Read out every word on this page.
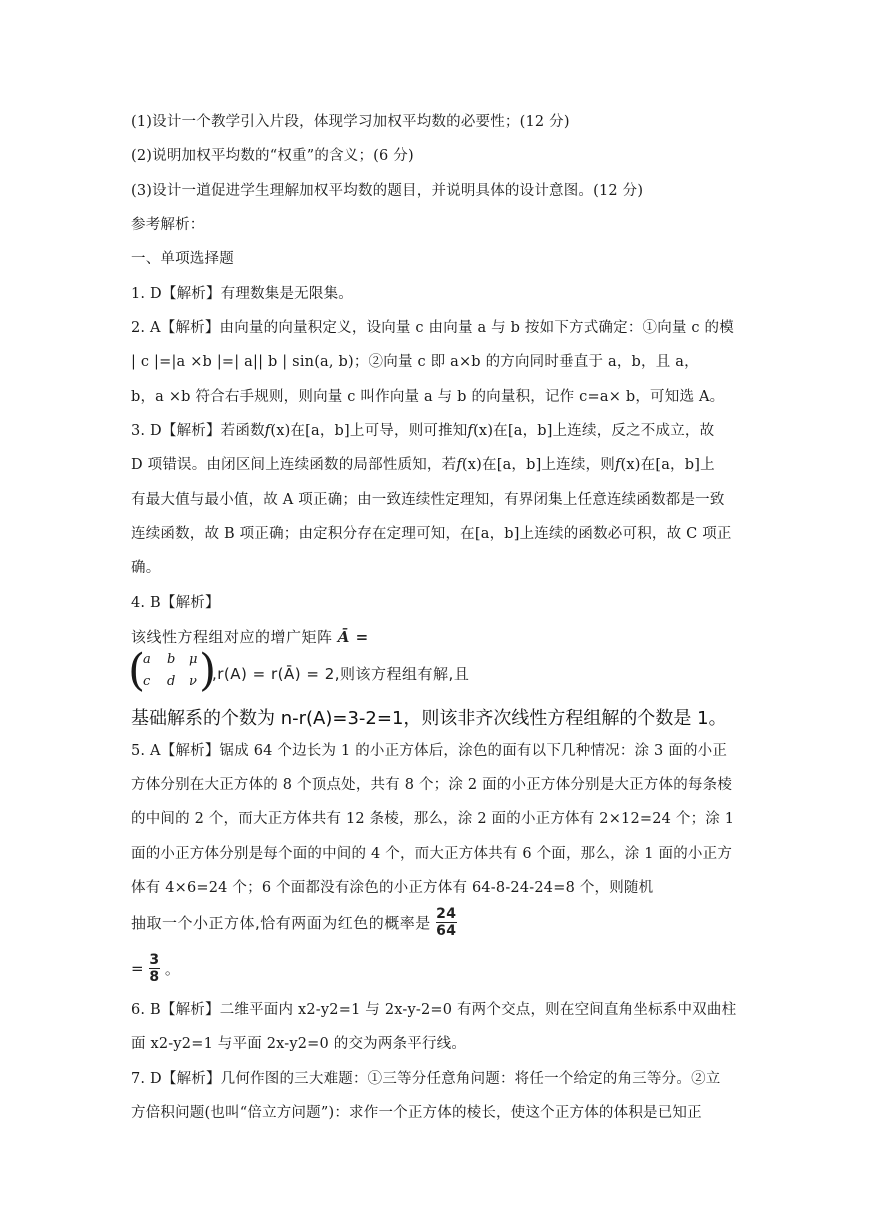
(1)设计一个教学引入片段，体现学习加权平均数的必要性；(12 分)
(2)说明加权平均数的“权重”的含义；(6 分)
(3)设计一道促进学生理解加权平均数的题目，并说明具体的设计意图。(12 分)
参考解析：
一、单项选择题
1. D【解析】有理数集是无限集。
2. A【解析】由向量的向量积定义，设向量 c 由向量 a 与 b 按如下方式确定：①向量 c 的模
| c |=|a ×b |=| a|| b | sin(a, b)；②向量 c 即 a×b 的方向同时垂直于 a，b，且 a，
b，a ×b 符合右手规则，则向量 c 叫作向量 a 与 b 的向量积，记作 c=a× b，可知选 A。
3. D【解析】若函数f(x)在[a，b]上可导，则可推知f(x)在[a，b]上连续，反之不成立，故
D 项错误。由闭区间上连续函数的局部性质知，若f(x)在[a，b]上连续，则f(x)在[a，b]上
有最大值与最小值，故 A 项正确；由一致连续性定理知，有界闭集上任意连续函数都是一致
连续函数，故 B 项正确；由定积分存在定理可知，在[a，b]上连续的函数必可积，故 C 项正
确。
4. B【解析】
该线性方程组对应的增广矩阵 Ā =
(
a b μ
c d ν )
,r(A) = r(Ā) = 2,则该方程组有解,且
基础解系的个数为 n-r(A)=3-2=1，则该非齐次线性方程组解的个数是 1。
5. A【解析】锯成 64 个边长为 1 的小正方体后，涂色的面有以下几种情况：涂 3 面的小正
方体分别在大正方体的 8 个顶点处，共有 8 个；涂 2 面的小正方体分别是大正方体的每条棱
的中间的 2 个，而大正方体共有 12 条棱，那么，涂 2 面的小正方体有 2×12=24 个；涂 1
面的小正方体分别是每个面的中间的 4 个，而大正方体共有 6 个面，那么，涂 1 面的小正方
体有 4×6=24 个；6 个面都没有涂色的小正方体有 64-8-24-24=8 个，则随机
抽取一个小正方体,恰有两面为红色的概率是 $\frac{24}{64}$
= $\frac{3}{8}$ 。
6. B【解析】二维平面内 x2-y2=1 与 2x-y-2=0 有两个交点，则在空间直角坐标系中双曲柱
面 x2-y2=1 与平面 2x-y2=0 的交为两条平行线。
7. D【解析】几何作图的三大难题：①三等分任意角问题：将任一个给定的角三等分。②立
方倍积问题(也叫“倍立方问题”)：求作一个正方体的棱长，使这个正方体的体积是已知正
